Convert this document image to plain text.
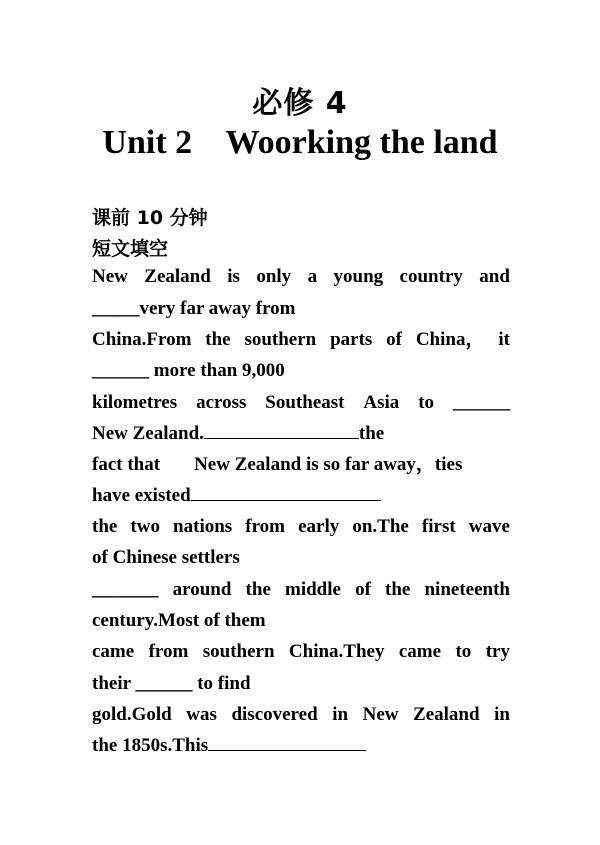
必修 4
Unit 2    Woorking the land
课前 10 分钟
短文填空
New Zealand is only a young country and
_____very far away from
China.From the southern parts of China， it
______ more than 9,000
kilometres across Southeast Asia to ______
New Zealand.	the
fact that New Zealand is so far away，ties
have existed
the two nations from early on.The first wave
of Chinese settlers
_______ around the middle of the nineteenth
century.Most of them
came from southern China.They came to try
their ______ to find
gold.Gold was discovered in New Zealand in
the 1850s.This
